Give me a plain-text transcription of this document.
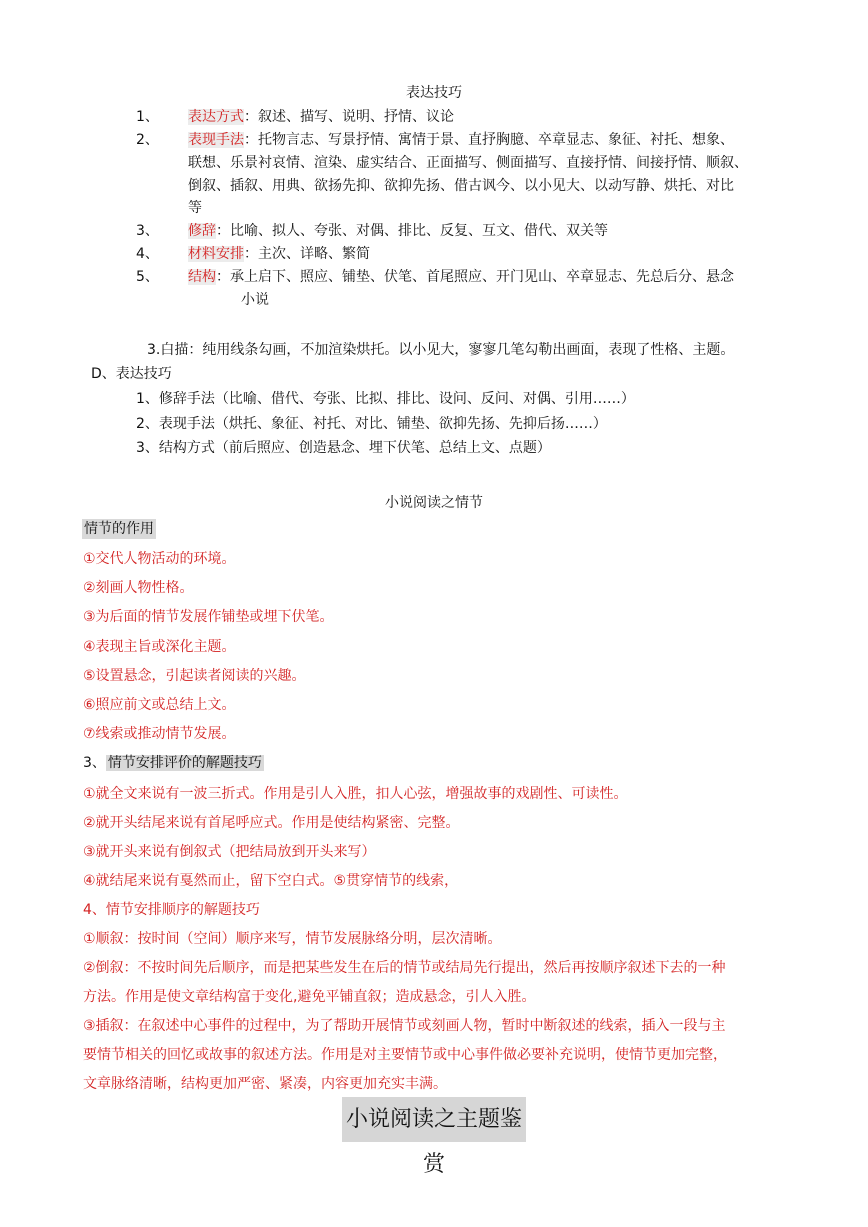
表达技巧
1、 表达方式：叙述、描写、说明、抒情、议论
2、 表现手法：托物言志、写景抒情、寓情于景、直抒胸臆、卒章显志、象征、衬托、想象、
联想、乐景衬哀情、渲染、虚实结合、正面描写、侧面描写、直接抒情、间接抒情、顺叙、
倒叙、插叙、用典、欲扬先抑、欲抑先扬、借古讽今、以小见大、以动写静、烘托、对比
等
3、 修辞：比喻、拟人、夸张、对偶、排比、反复、互文、借代、双关等
4、 材料安排：主次、详略、繁简
5、 结构：承上启下、照应、铺垫、伏笔、首尾照应、开门见山、卒章显志、先总后分、悬念
小说
3.白描：纯用线条勾画，不加渲染烘托。以小见大，寥寥几笔勾勒出画面，表现了性格、主题。
D、表达技巧
1、修辞手法（比喻、借代、夸张、比拟、排比、设问、反问、对偶、引用……）
2、表现手法（烘托、象征、衬托、对比、铺垫、欲抑先扬、先抑后扬……）
3、结构方式（前后照应、创造悬念、埋下伏笔、总结上文、点题）
小说阅读之情节
情节的作用
①交代人物活动的环境。
②刻画人物性格。
③为后面的情节发展作铺垫或埋下伏笔。
④表现主旨或深化主题。
⑤设置悬念，引起读者阅读的兴趣。
⑥照应前文或总结上文。
⑦线索或推动情节发展。
3、 情节安排评价的解题技巧
①就全文来说有一波三折式。作用是引人入胜，扣人心弦，增强故事的戏剧性、可读性。
②就开头结尾来说有首尾呼应式。作用是使结构紧密、完整。
③就开头来说有倒叙式（把结局放到开头来写）
④就结尾来说有戛然而止，留下空白式。⑤贯穿情节的线索，
4、情节安排顺序的解题技巧
①顺叙：按时间（空间）顺序来写，情节发展脉络分明，层次清晰。
②倒叙：不按时间先后顺序，而是把某些发生在后的情节或结局先行提出，然后再按顺序叙述下去的一种
方法。作用是使文章结构富于变化,避免平铺直叙；造成悬念，引人入胜。
③插叙：在叙述中心事件的过程中，为了帮助开展情节或刻画人物，暂时中断叙述的线索，插入一段与主
要情节相关的回忆或故事的叙述方法。作用是对主要情节或中心事件做必要补充说明，使情节更加完整，
文章脉络清晰，结构更加严密、紧凑，内容更加充实丰满。
小说阅读之主题鉴赏
